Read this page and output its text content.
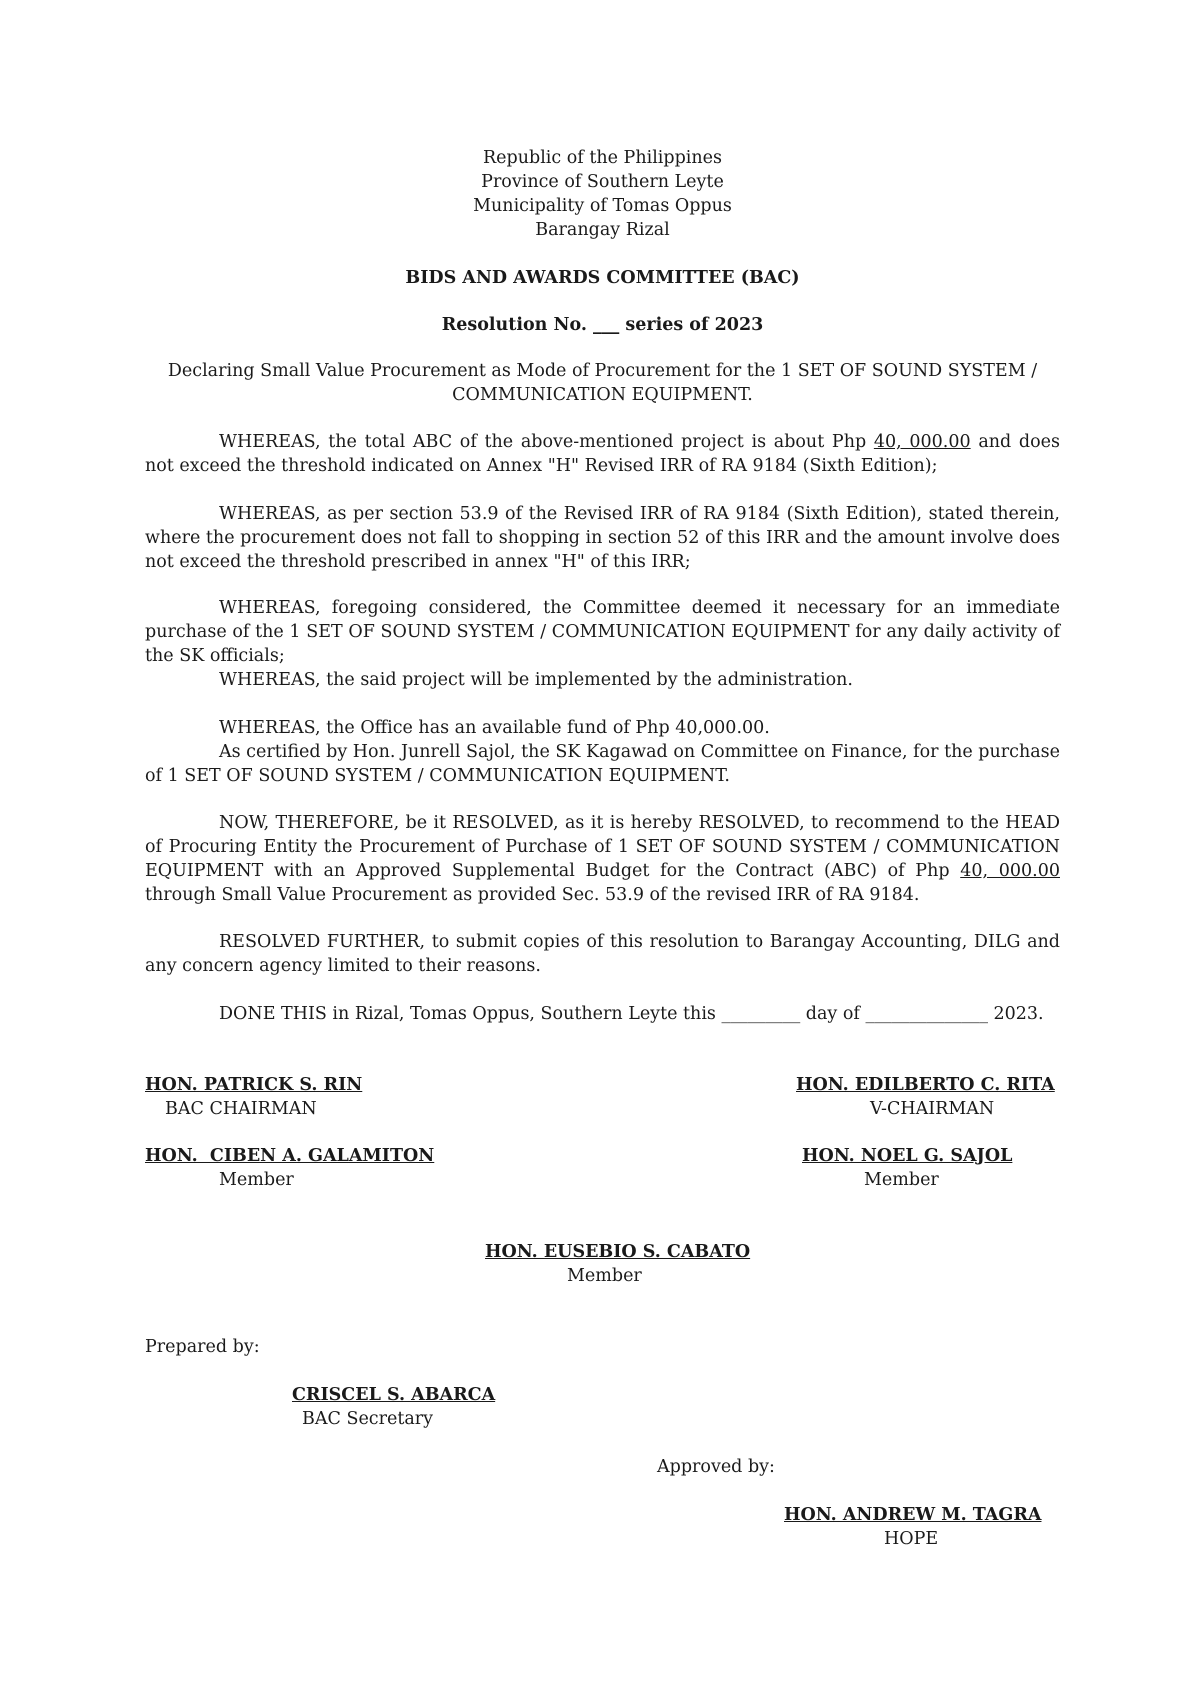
Republic of the Philippines
Province of Southern Leyte
Municipality of Tomas Oppus
Barangay Rizal
BIDS AND AWARDS COMMITTEE (BAC)
Resolution No. ___ series of 2023
Declaring Small Value Procurement as Mode of Procurement for the 1 SET OF SOUND SYSTEM /
COMMUNICATION EQUIPMENT.
WHEREAS, the total ABC of the above-mentioned project is about Php 40, 000.00 and does not exceed the threshold indicated on Annex "H" Revised IRR of RA 9184 (Sixth Edition);
WHEREAS, as per section 53.9 of the Revised IRR of RA 9184 (Sixth Edition), stated therein, where the procurement does not fall to shopping in section 52 of this IRR and the amount involve does not exceed the threshold prescribed in annex "H" of this IRR;
WHEREAS, foregoing considered, the Committee deemed it necessary for an immediate purchase of the 1 SET OF SOUND SYSTEM / COMMUNICATION EQUIPMENT for any daily activity of the SK officials;
WHEREAS, the said project will be implemented by the administration.
WHEREAS, the Office has an available fund of Php 40,000.00.
As certified by Hon. Junrell Sajol, the SK Kagawad on Committee on Finance, for the purchase of 1 SET OF SOUND SYSTEM / COMMUNICATION EQUIPMENT.
NOW, THEREFORE, be it RESOLVED, as it is hereby RESOLVED, to recommend to the HEAD of Procuring Entity the Procurement of Purchase of 1 SET OF SOUND SYSTEM / COMMUNICATION EQUIPMENT with an Approved Supplemental Budget for the Contract (ABC) of Php 40, 000.00 through Small Value Procurement as provided Sec. 53.9 of the revised IRR of RA 9184.
RESOLVED FURTHER, to submit copies of this resolution to Barangay Accounting, DILG and any concern agency limited to their reasons.
DONE THIS in Rizal, Tomas Oppus, Southern Leyte this _________ day of ______________ 2023.
HON. PATRICK S. RIN
BAC CHAIRMAN
HON. EDILBERTO C. RITA
V-CHAIRMAN
HON.  CIBEN A. GALAMITON
Member
HON. NOEL G. SAJOL
Member
HON. EUSEBIO S. CABATO
Member
Prepared by:
CRISCEL S. ABARCA
BAC Secretary
Approved by:
HON. ANDREW M. TAGRA
HOPE
